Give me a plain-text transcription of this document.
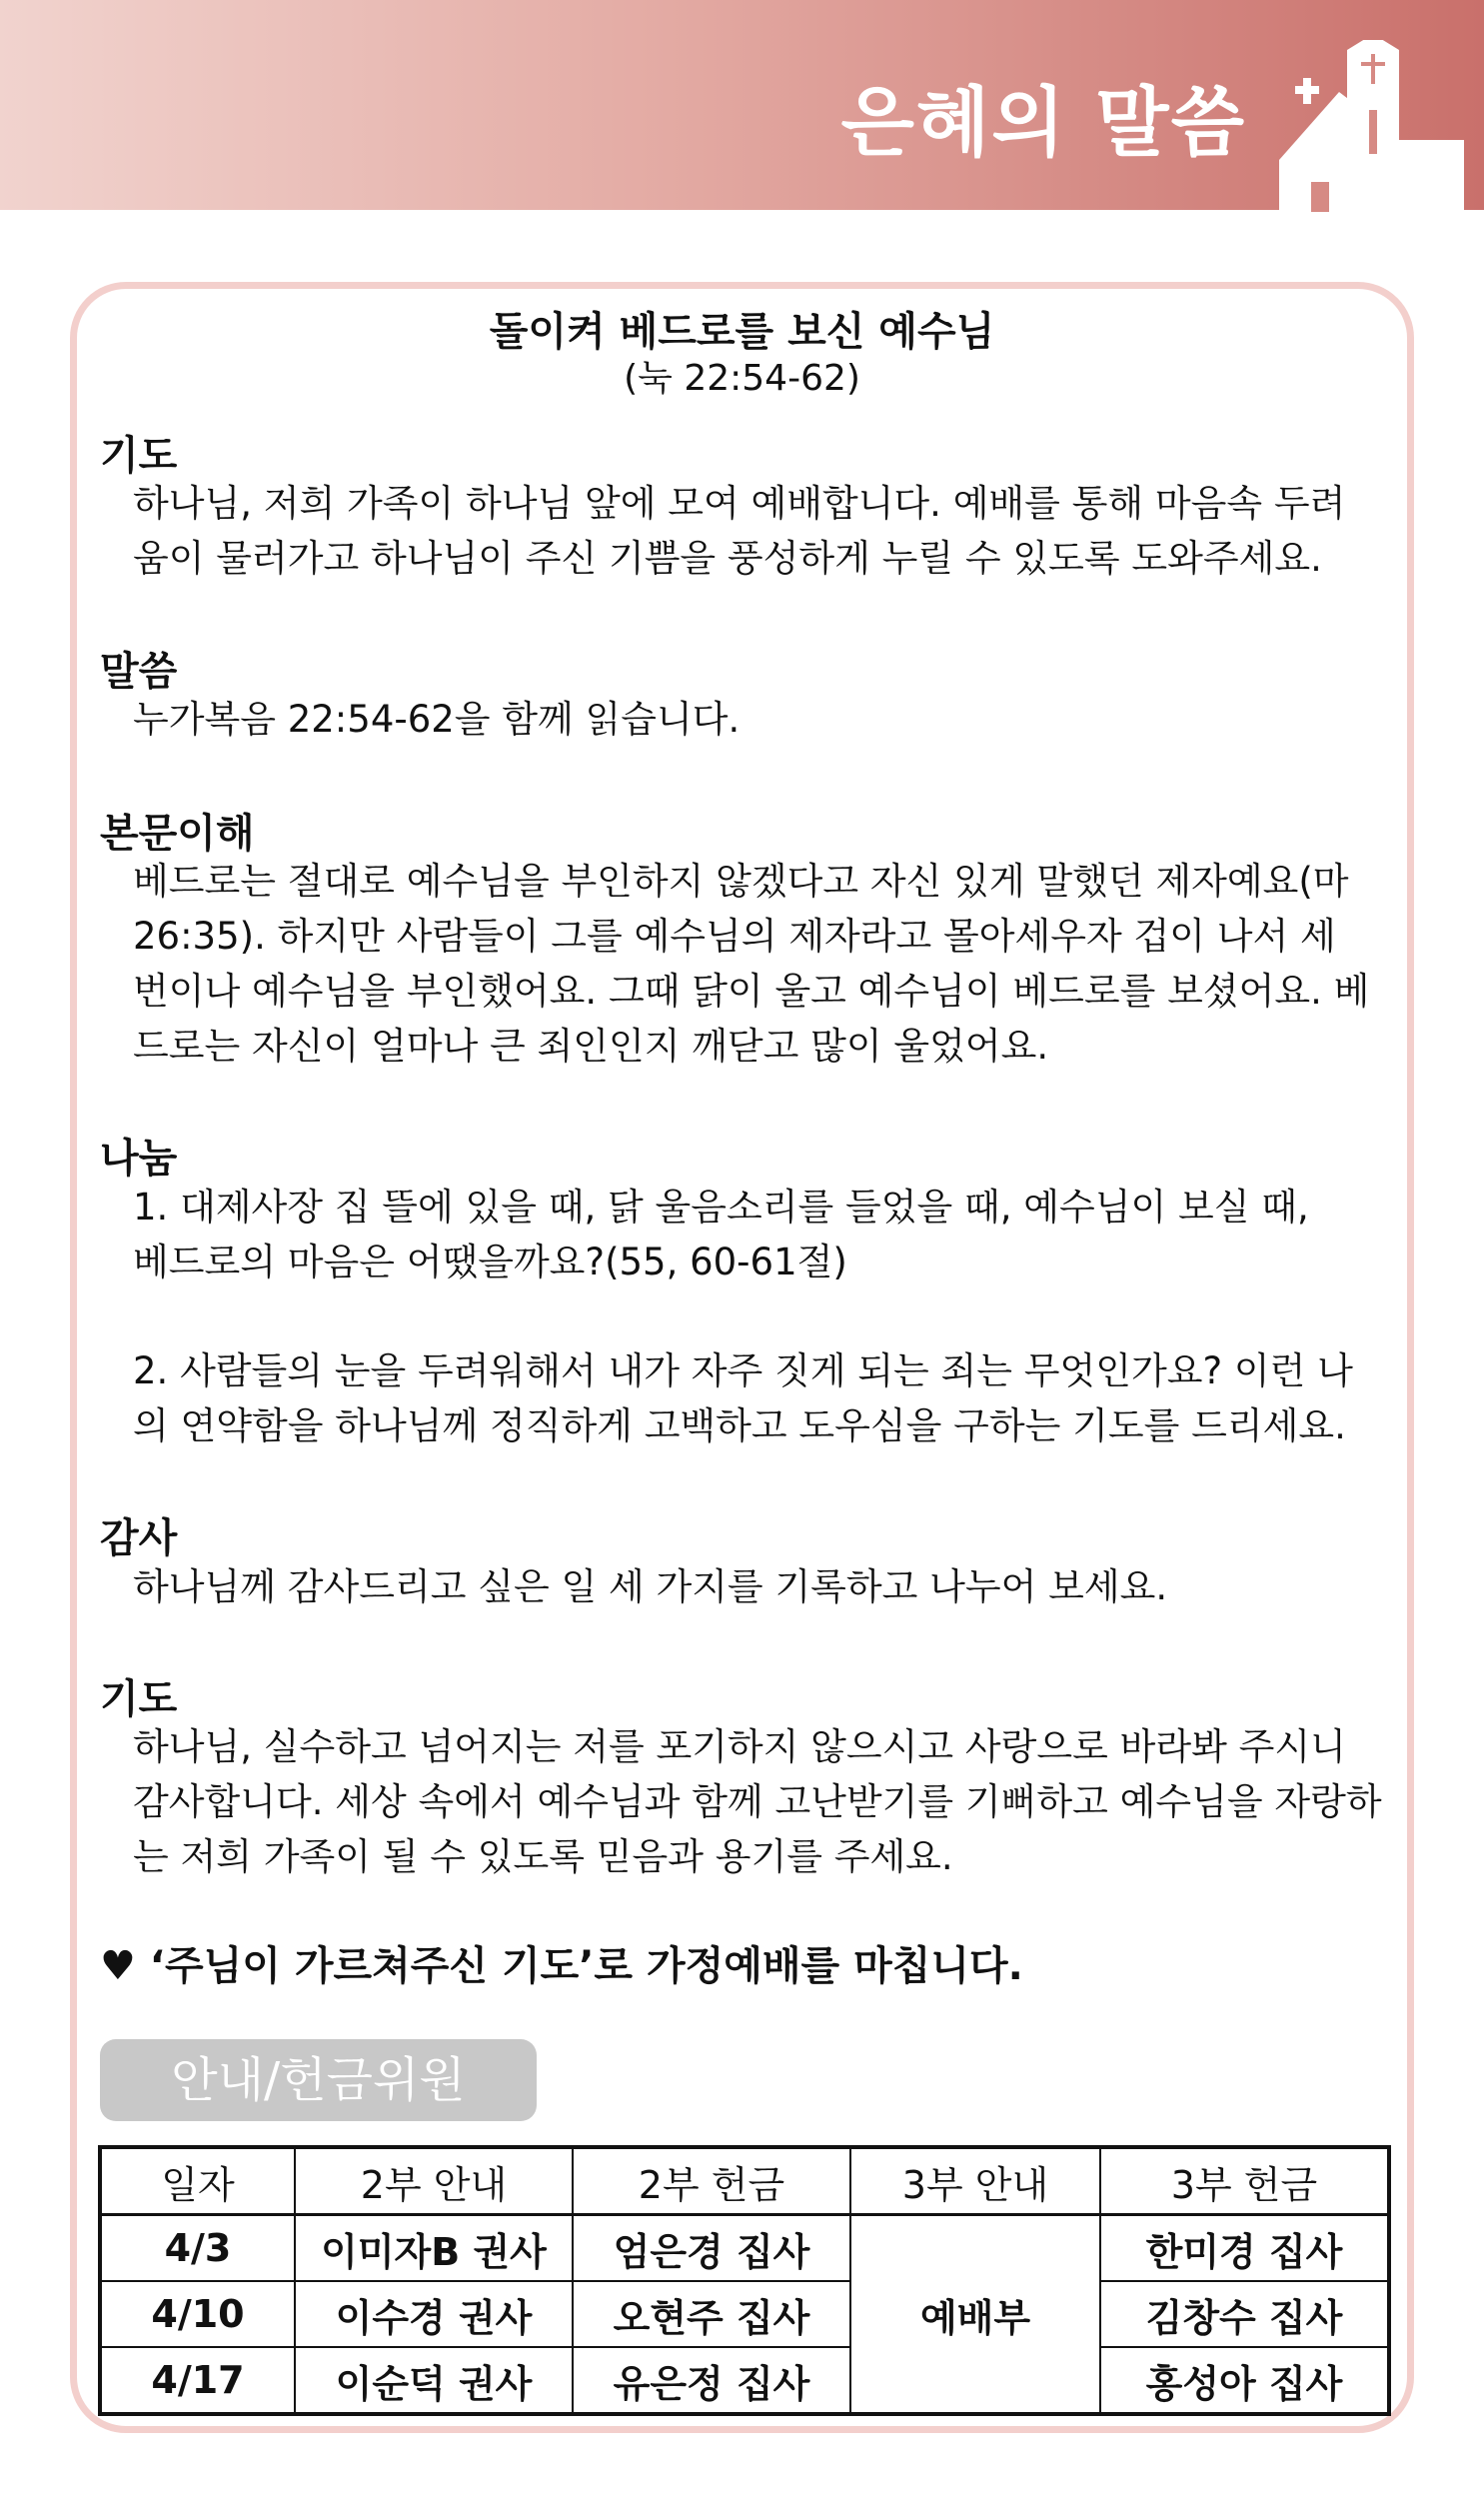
은혜의 말씀
돌이켜 베드로를 보신 예수님
(눅 22:54-62)
기도
하나님, 저희 가족이 하나님 앞에 모여 예배합니다. 예배를 통해 마음속 두려
움이 물러가고 하나님이 주신 기쁨을 풍성하게 누릴 수 있도록 도와주세요.
말씀
누가복음 22:54-62을 함께 읽습니다.
본문이해
베드로는 절대로 예수님을 부인하지 않겠다고 자신 있게 말했던 제자예요(마
26:35). 하지만 사람들이 그를 예수님의 제자라고 몰아세우자 겁이 나서 세
번이나 예수님을 부인했어요. 그때 닭이 울고 예수님이 베드로를 보셨어요. 베
드로는 자신이 얼마나 큰 죄인인지 깨닫고 많이 울었어요.
나눔
1. 대제사장 집 뜰에 있을 때, 닭 울음소리를 들었을 때, 예수님이 보실 때,
베드로의 마음은 어땠을까요?(55, 60-61절)
2. 사람들의 눈을 두려워해서 내가 자주 짓게 되는 죄는 무엇인가요? 이런 나
의 연약함을 하나님께 정직하게 고백하고 도우심을 구하는 기도를 드리세요.
감사
하나님께 감사드리고 싶은 일 세 가지를 기록하고 나누어 보세요.
기도
하나님, 실수하고 넘어지는 저를 포기하지 않으시고 사랑으로 바라봐 주시니
감사합니다. 세상 속에서 예수님과 함께 고난받기를 기뻐하고 예수님을 자랑하
는 저희 가족이 될 수 있도록 믿음과 용기를 주세요.
♥ ‘주님이 가르쳐주신 기도’로 가정예배를 마칩니다.
안내/헌금위원
일자	2부 안내	2부 헌금	3부 안내	3부 헌금
4/3	이미자B 권사	엄은경 집사	예배부	한미경 집사
4/10	이수경 권사	오현주 집사		김창수 집사
4/17	이순덕 권사	유은정 집사		홍성아 집사
